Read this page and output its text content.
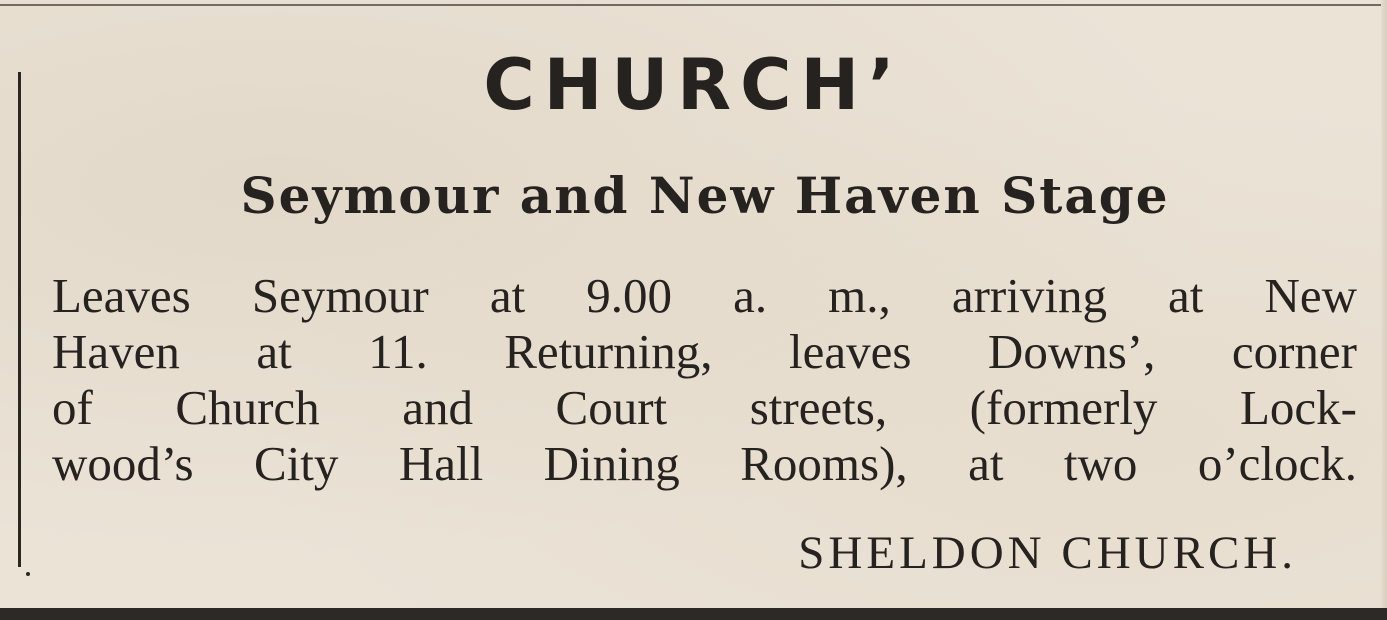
CHURCH’
Seymour and New Haven Stage
Leaves Seymour at 9.00 a. m., arriving at New
Haven at 11. Returning, leaves Downs’, corner
of Church and Court streets, (formerly Lock-
wood’s City Hall Dining Rooms), at two o’clock.
SHELDON CHURCH.
